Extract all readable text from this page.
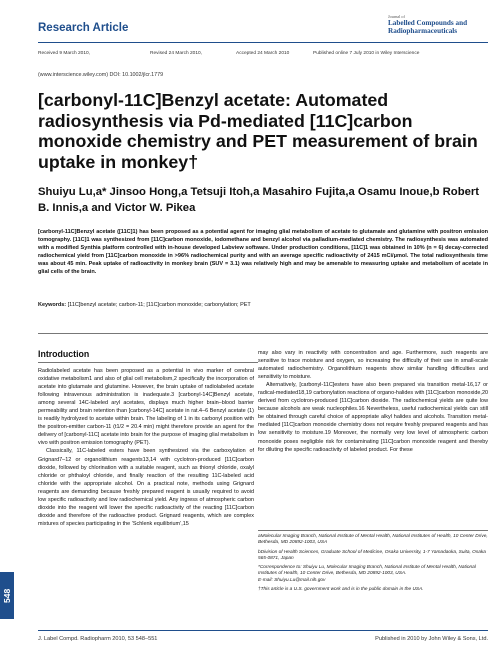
Research Article
Journal of
Labelled Compounds and
Radiopharmaceuticals
Received 9 March 2010,	Revised 24 March 2010,	Accepted 24 March 2010	Published online 7 July 2010 in Wiley Interscience
(www.interscience.wiley.com) DOI: 10.1002/jlcr.1779
[carbonyl-11C]Benzyl acetate: Automated radiosynthesis via Pd-mediated [11C]carbon monoxide chemistry and PET measurement of brain uptake in monkey†
Shuiyu Lu,a* Jinsoo Hong,a Tetsuji Itoh,a Masahiro Fujita,a Osamu Inoue,b Robert B. Innis,a and Victor W. Pikea
[carbonyl-11C]Benzyl acetate ([11C]1) has been proposed as a potential agent for imaging glial metabolism of acetate to glutamate and glutamine with positron emission tomography. [11C]1 was synthesized from [11C]carbon monoxide, iodomethane and benzyl alcohol via palladium-mediated chemistry. The radiosynthesis was automated with a modified Synthia platform controlled with in-house developed Labview software. Under production conditions, [11C]1 was obtained in 10% (n = 6) decay-corrected radiochemical yield from [11C]carbon monoxide in >96% radiochemical purity and with an average specific radioactivity of 2415 mCi/μmol. The total radiosynthesis time was about 45 min. Peak uptake of radioactivity in monkey brain (SUV = 3.1) was relatively high and may be amenable to measuring uptake and metabolism of acetate in glial cells of the brain.
Keywords: [11C]benzyl acetate; carbon-11; [11C]carbon monoxide; carbonylation; PET
Introduction

Radiolabeled acetate has been proposed as a potential in vivo marker of cerebral oxidative metabolism1 and also of glial cell metabolism,2 specifically the incorporation of acetate into glutamate and glutamine. However, the brain uptake of radiolabeled acetate following intravenous administration is inadequate.3 [carbonyl-14C]Benzyl acetate, among several 14C-labeled aryl acetates, displays much higher brain–blood barrier permeability and brain retention than [carbonyl-14C] acetate in rat.4–6 Benzyl acetate (1) is readily hydrolyzed to acetate within brain. The labeling of 1 in its carbonyl position with the positron-emitter carbon-11 (t1/2 = 20.4 min) might therefore provide an agent for the delivery of [carbonyl-11C] acetate into brain for the purpose of imaging glial metabolism in vivo with positron emission tomography (PET).

Classically, 11C-labeled esters have been synthesized via the carboxylation of Grignard7–12 or organolithium reagents13,14 with cyclotron-produced [11C]carbon dioxide, followed by chlorination with a suitable reagent, such as thionyl chloride, oxalyl chloride or phthaloyl chloride, and finally reaction of the resulting 11C-labeled acid chloride with the appropriate alcohol. On a practical note, methods using Grignard reagents are demanding because freshly prepared reagent is usually required to avoid low specific radioactivity and low radiochemical yield. Any ingress of atmospheric carbon dioxide into the reagent will lower the specific radioactivity of the reacting [11C]carbon dioxide and therefore of the radioactive product. Grignard reagents, which are complex mixtures of species participating in the ‘Schlenk equilibrium’,15

may also vary in reactivity with concentration and age. Furthermore, such reagents are sensitive to trace moisture and oxygen, so increasing the difficulty of their use in small-scale automated radiochemistry. Organolithium reagents show similar handling difficulties and sensitivity to moisture.

Alternatively, [carbonyl-11C]esters have also been prepared via transition metal-16,17 or radical-mediated18,19 carbonylation reactions of organo-halides with [11C]carbon monoxide,20 derived from cyclotron-produced [11C]carbon dioxide. The radiochemical yields are quite low because alcohols are weak nucleophiles.16 Nevertheless, useful radiochemical yields can still be obtained through careful choice of appropriate alkyl halides and alcohols. Transition metal-mediated [11C]carbon monoxide chemistry does not require freshly prepared reagents and has low sensitivity to moisture.19 Moreover, the normally very low level of atmospheric carbon monoxide poses negligible risk for contaminating [11C]carbon monoxide reagent and thereby for diluting the specific radioactivity of labeled product. For these

aMolecular Imaging Branch, National Institute of Mental Health, National Institutes of Health, 10 Center Drive, Bethesda, MD 20892-1003, USA

bDivision of Health Sciences, Graduate School of Medicine, Osaka University, 1-7 Yamadaoka, Suita, Osaka 565-0871, Japan

*Correspondence to: Shuiyu Lu, Molecular Imaging Branch, National Institute of Mental Health, National Institutes of Health, 10 Center Drive, Bethesda, MD 20892-1003, USA.

E-mail: Shuiyu.Lu@mail.nih.gov

†This article is a U.S. government work and is in the public domain in the USA.

548
J. Label Compd. Radiopharm 2010, 53 548–551	Published in 2010 by John Wiley & Sons, Ltd.
